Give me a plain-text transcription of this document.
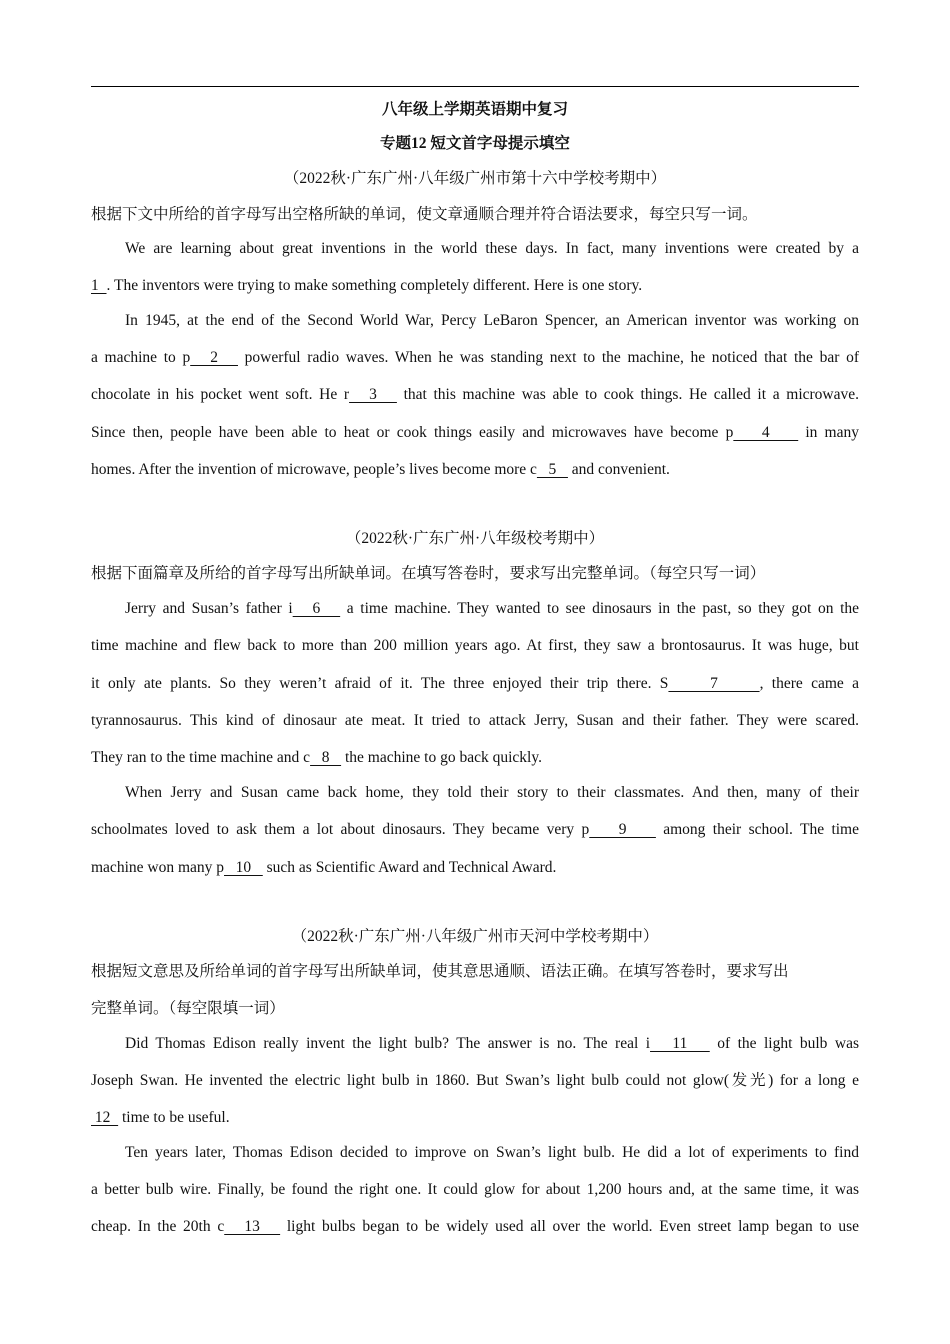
八年级上学期英语期中复习
专题12 短文首字母提示填空
（2022秋·广东广州·八年级广州市第十六中学校考期中）
根据下文中所给的首字母写出空格所缺的单词，使文章通顺合理并符合语法要求，每空只写一词。
We are learning about great inventions in the world these days. In fact, many inventions were created by a
1  . The inventors were trying to make something completely different. Here is one story.
In 1945, at the end of the Second World War, Percy LeBaron Spencer, an American inventor was working on
a machine to p   2    powerful radio waves. When he was standing next to the machine, he noticed that the bar of
chocolate in his pocket went soft. He r   3    that this machine was able to cook things. He called it a microwave.
Since then, people have been able to heat or cook things easily and microwaves have become p    4     in many
homes. After the invention of microwave, people’s lives become more c   5    and convenient.
（2022秋·广东广州·八年级校考期中）
根据下面篇章及所给的首字母写出所缺单词。在填写答卷时，要求写出完整单词。（每空只写一词）
Jerry and Susan’s father i   6    a time machine. They wanted to see dinosaurs in the past, so they got on the
time machine and flew back to more than 200 million years ago. At first, they saw a brontosaurus. It was huge, but
it only ate plants. So they weren’t afraid of it. The three enjoyed their trip there. S     7     , there came a
tyrannosaurus. This kind of dinosaur ate meat. It tried to attack Jerry, Susan and their father. They were scared.
They ran to the time machine and c   8    the machine to go back quickly.
When Jerry and Susan came back home, they told their story to their classmates. And then, many of their
schoolmates loved to ask them a lot about dinosaurs. They became very p    9     among their school. The time
machine won many p   10    such as Scientific Award and Technical Award.
（2022秋·广东广州·八年级广州市天河中学校考期中）
根据短文意思及所给单词的首字母写出所缺单词，使其意思通顺、语法正确。在填写答卷时，要求写出
完整单词。（每空限填一词）
Did Thomas Edison really invent the light bulb? The answer is no. The real i   11    of the light bulb was
Joseph Swan. He invented the electric light bulb in 1860. But Swan’s light bulb could not glow(发光) for a long e
12   time to be useful.
Ten years later, Thomas Edison decided to improve on Swan’s light bulb. He did a lot of experiments to find
a better bulb wire. Finally, be found the right one. It could glow for about 1,200 hours and, at the same time, it was
cheap. In the 20th c   13    light bulbs began to be widely used all over the world. Even street lamp began to use
